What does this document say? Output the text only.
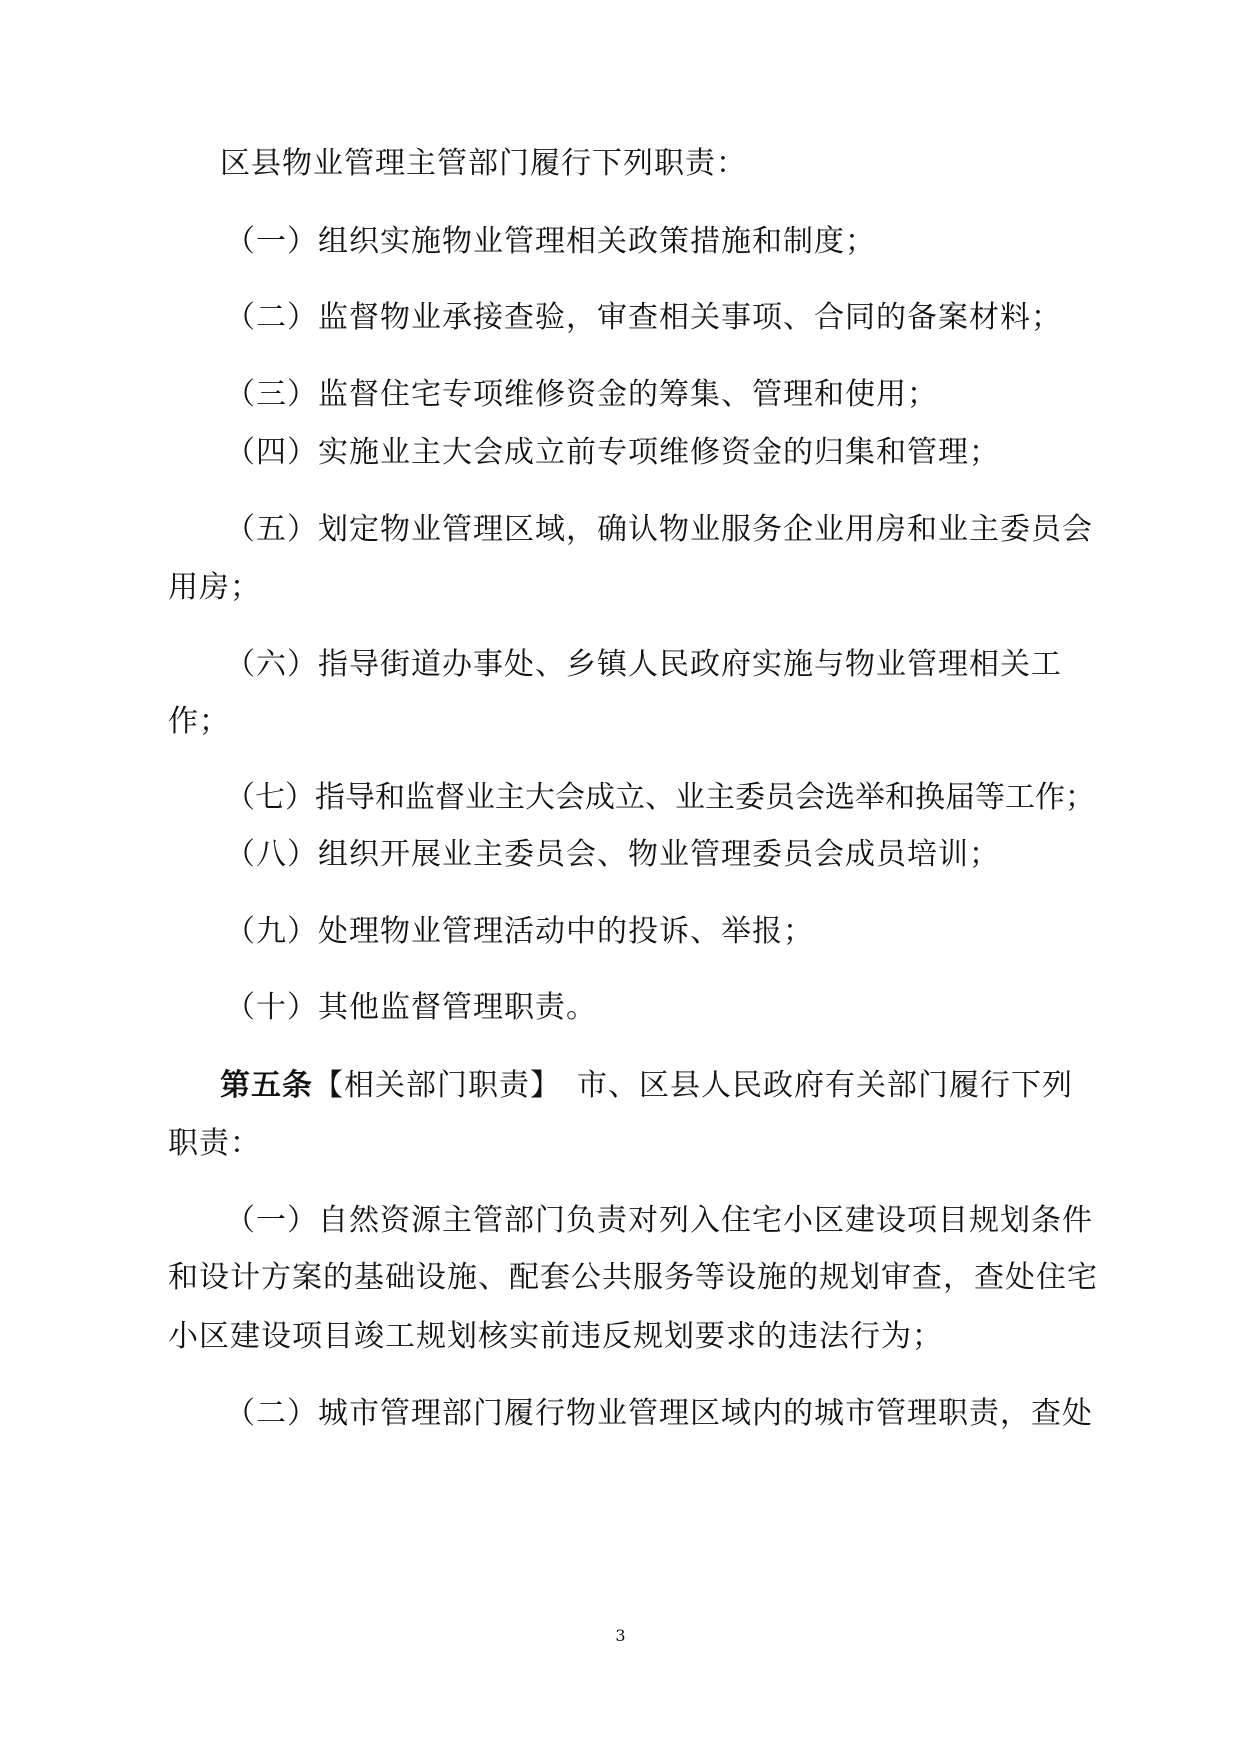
区县物业管理主管部门履行下列职责：
（一）组织实施物业管理相关政策措施和制度；
（二）监督物业承接查验，审查相关事项、合同的备案材料；
（三）监督住宅专项维修资金的筹集、管理和使用；
（四）实施业主大会成立前专项维修资金的归集和管理；
（五）划定物业管理区域，确认物业服务企业用房和业主委员会
用房；
（六）指导街道办事处、乡镇人民政府实施与物业管理相关工
作；
（七）指导和监督业主大会成立、业主委员会选举和换届等工作；
（八）组织开展业主委员会、物业管理委员会成员培训；
（九）处理物业管理活动中的投诉、举报；
（十）其他监督管理职责。
第五条【相关部门职责】　市、区县人民政府有关部门履行下列
职责：
（一）自然资源主管部门负责对列入住宅小区建设项目规划条件
和设计方案的基础设施、配套公共服务等设施的规划审查，查处住宅
小区建设项目竣工规划核实前违反规划要求的违法行为；
（二）城市管理部门履行物业管理区域内的城市管理职责，查处
3
